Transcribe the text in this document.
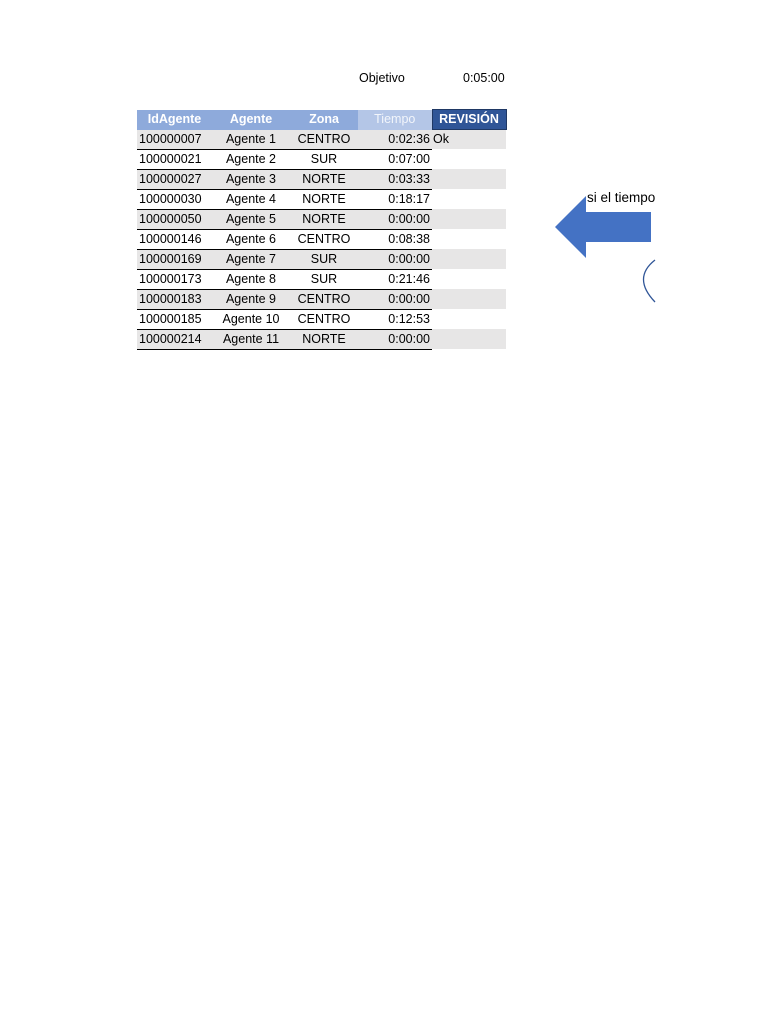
Objetivo	0:05:00
IdAgente	Agente	Zona	Tiempo	REVISIÓN
100000007	Agente 1	CENTRO	0:02:36	Ok
100000021	Agente 2	SUR	0:07:00	
100000027	Agente 3	NORTE	0:03:33	
100000030	Agente 4	NORTE	0:18:17	
100000050	Agente 5	NORTE	0:00:00	
100000146	Agente 6	CENTRO	0:08:38	
100000169	Agente 7	SUR	0:00:00	
100000173	Agente 8	SUR	0:21:46	
100000183	Agente 9	CENTRO	0:00:00	
100000185	Agente 10	CENTRO	0:12:53	
100000214	Agente 11	NORTE	0:00:00	
si el tiempo
